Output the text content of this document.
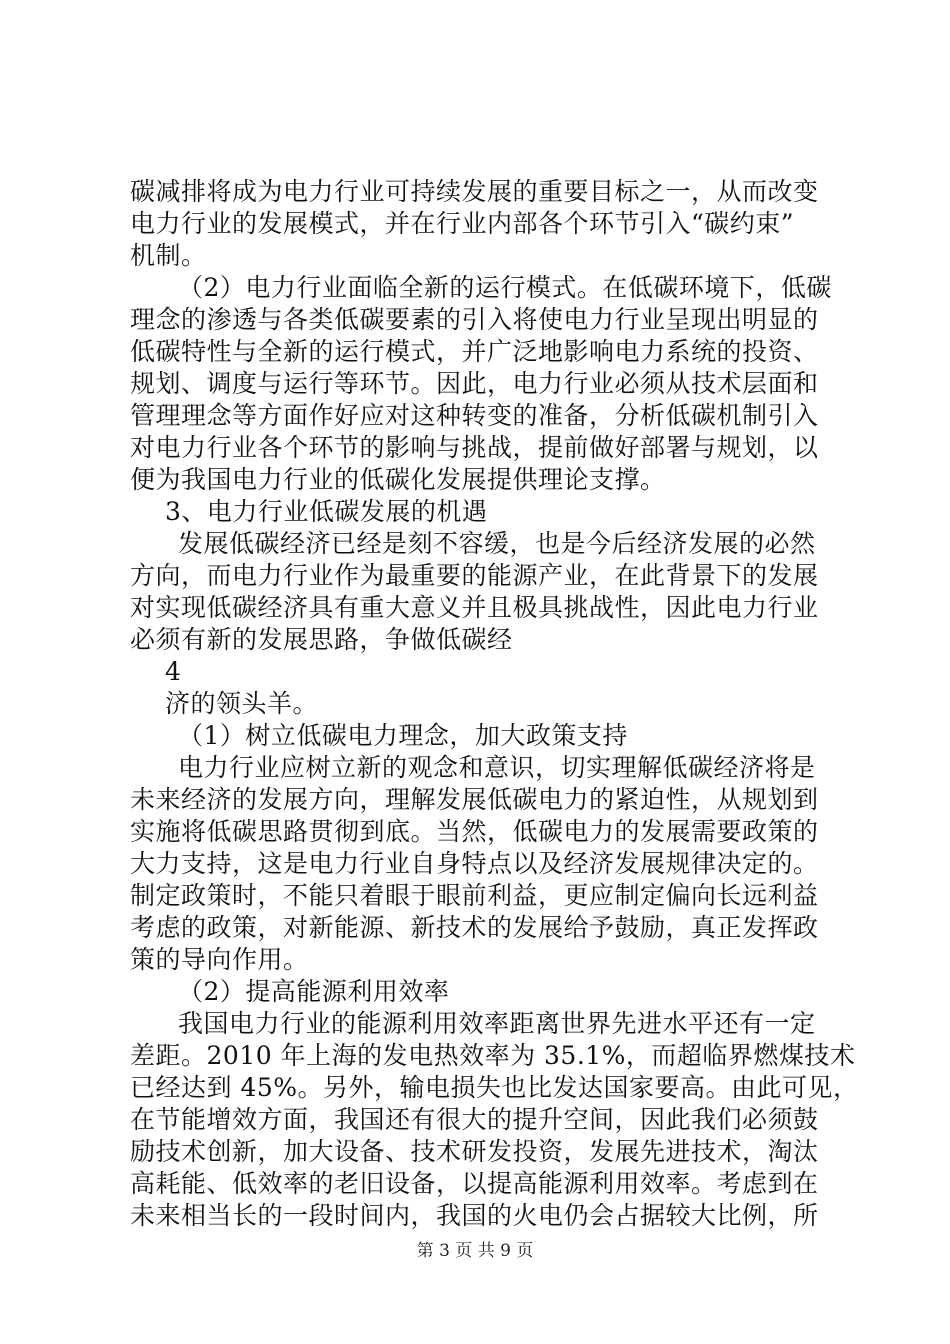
碳减排将成为电力行业可持续发展的重要目标之一，从而改变
电力行业的发展模式，并在行业内部各个环节引入“碳约束”
机制。
（2）电力行业面临全新的运行模式。在低碳环境下，低碳
理念的渗透与各类低碳要素的引入将使电力行业呈现出明显的
低碳特性与全新的运行模式，并广泛地影响电力系统的投资、
规划、调度与运行等环节。因此，电力行业必须从技术层面和
管理理念等方面作好应对这种转变的准备，分析低碳机制引入
对电力行业各个环节的影响与挑战，提前做好部署与规划，以
便为我国电力行业的低碳化发展提供理论支撑。
3、电力行业低碳发展的机遇
发展低碳经济已经是刻不容缓，也是今后经济发展的必然
方向，而电力行业作为最重要的能源产业，在此背景下的发展
对实现低碳经济具有重大意义并且极具挑战性，因此电力行业
必须有新的发展思路，争做低碳经
4
济的领头羊。
（1）树立低碳电力理念，加大政策支持
电力行业应树立新的观念和意识，切实理解低碳经济将是
未来经济的发展方向，理解发展低碳电力的紧迫性，从规划到
实施将低碳思路贯彻到底。当然，低碳电力的发展需要政策的
大力支持，这是电力行业自身特点以及经济发展规律决定的。
制定政策时，不能只着眼于眼前利益，更应制定偏向长远利益
考虑的政策，对新能源、新技术的发展给予鼓励，真正发挥政
策的导向作用。
（2）提高能源利用效率
我国电力行业的能源利用效率距离世界先进水平还有一定
差距。2010 年上海的发电热效率为 35.1%，而超临界燃煤技术
已经达到 45%。另外，输电损失也比发达国家要高。由此可见，
在节能增效方面，我国还有很大的提升空间，因此我们必须鼓
励技术创新，加大设备、技术研发投资，发展先进技术，淘汰
高耗能、低效率的老旧设备，以提高能源利用效率。考虑到在
未来相当长的一段时间内，我国的火电仍会占据较大比例，所
第 3 页 共 9 页
